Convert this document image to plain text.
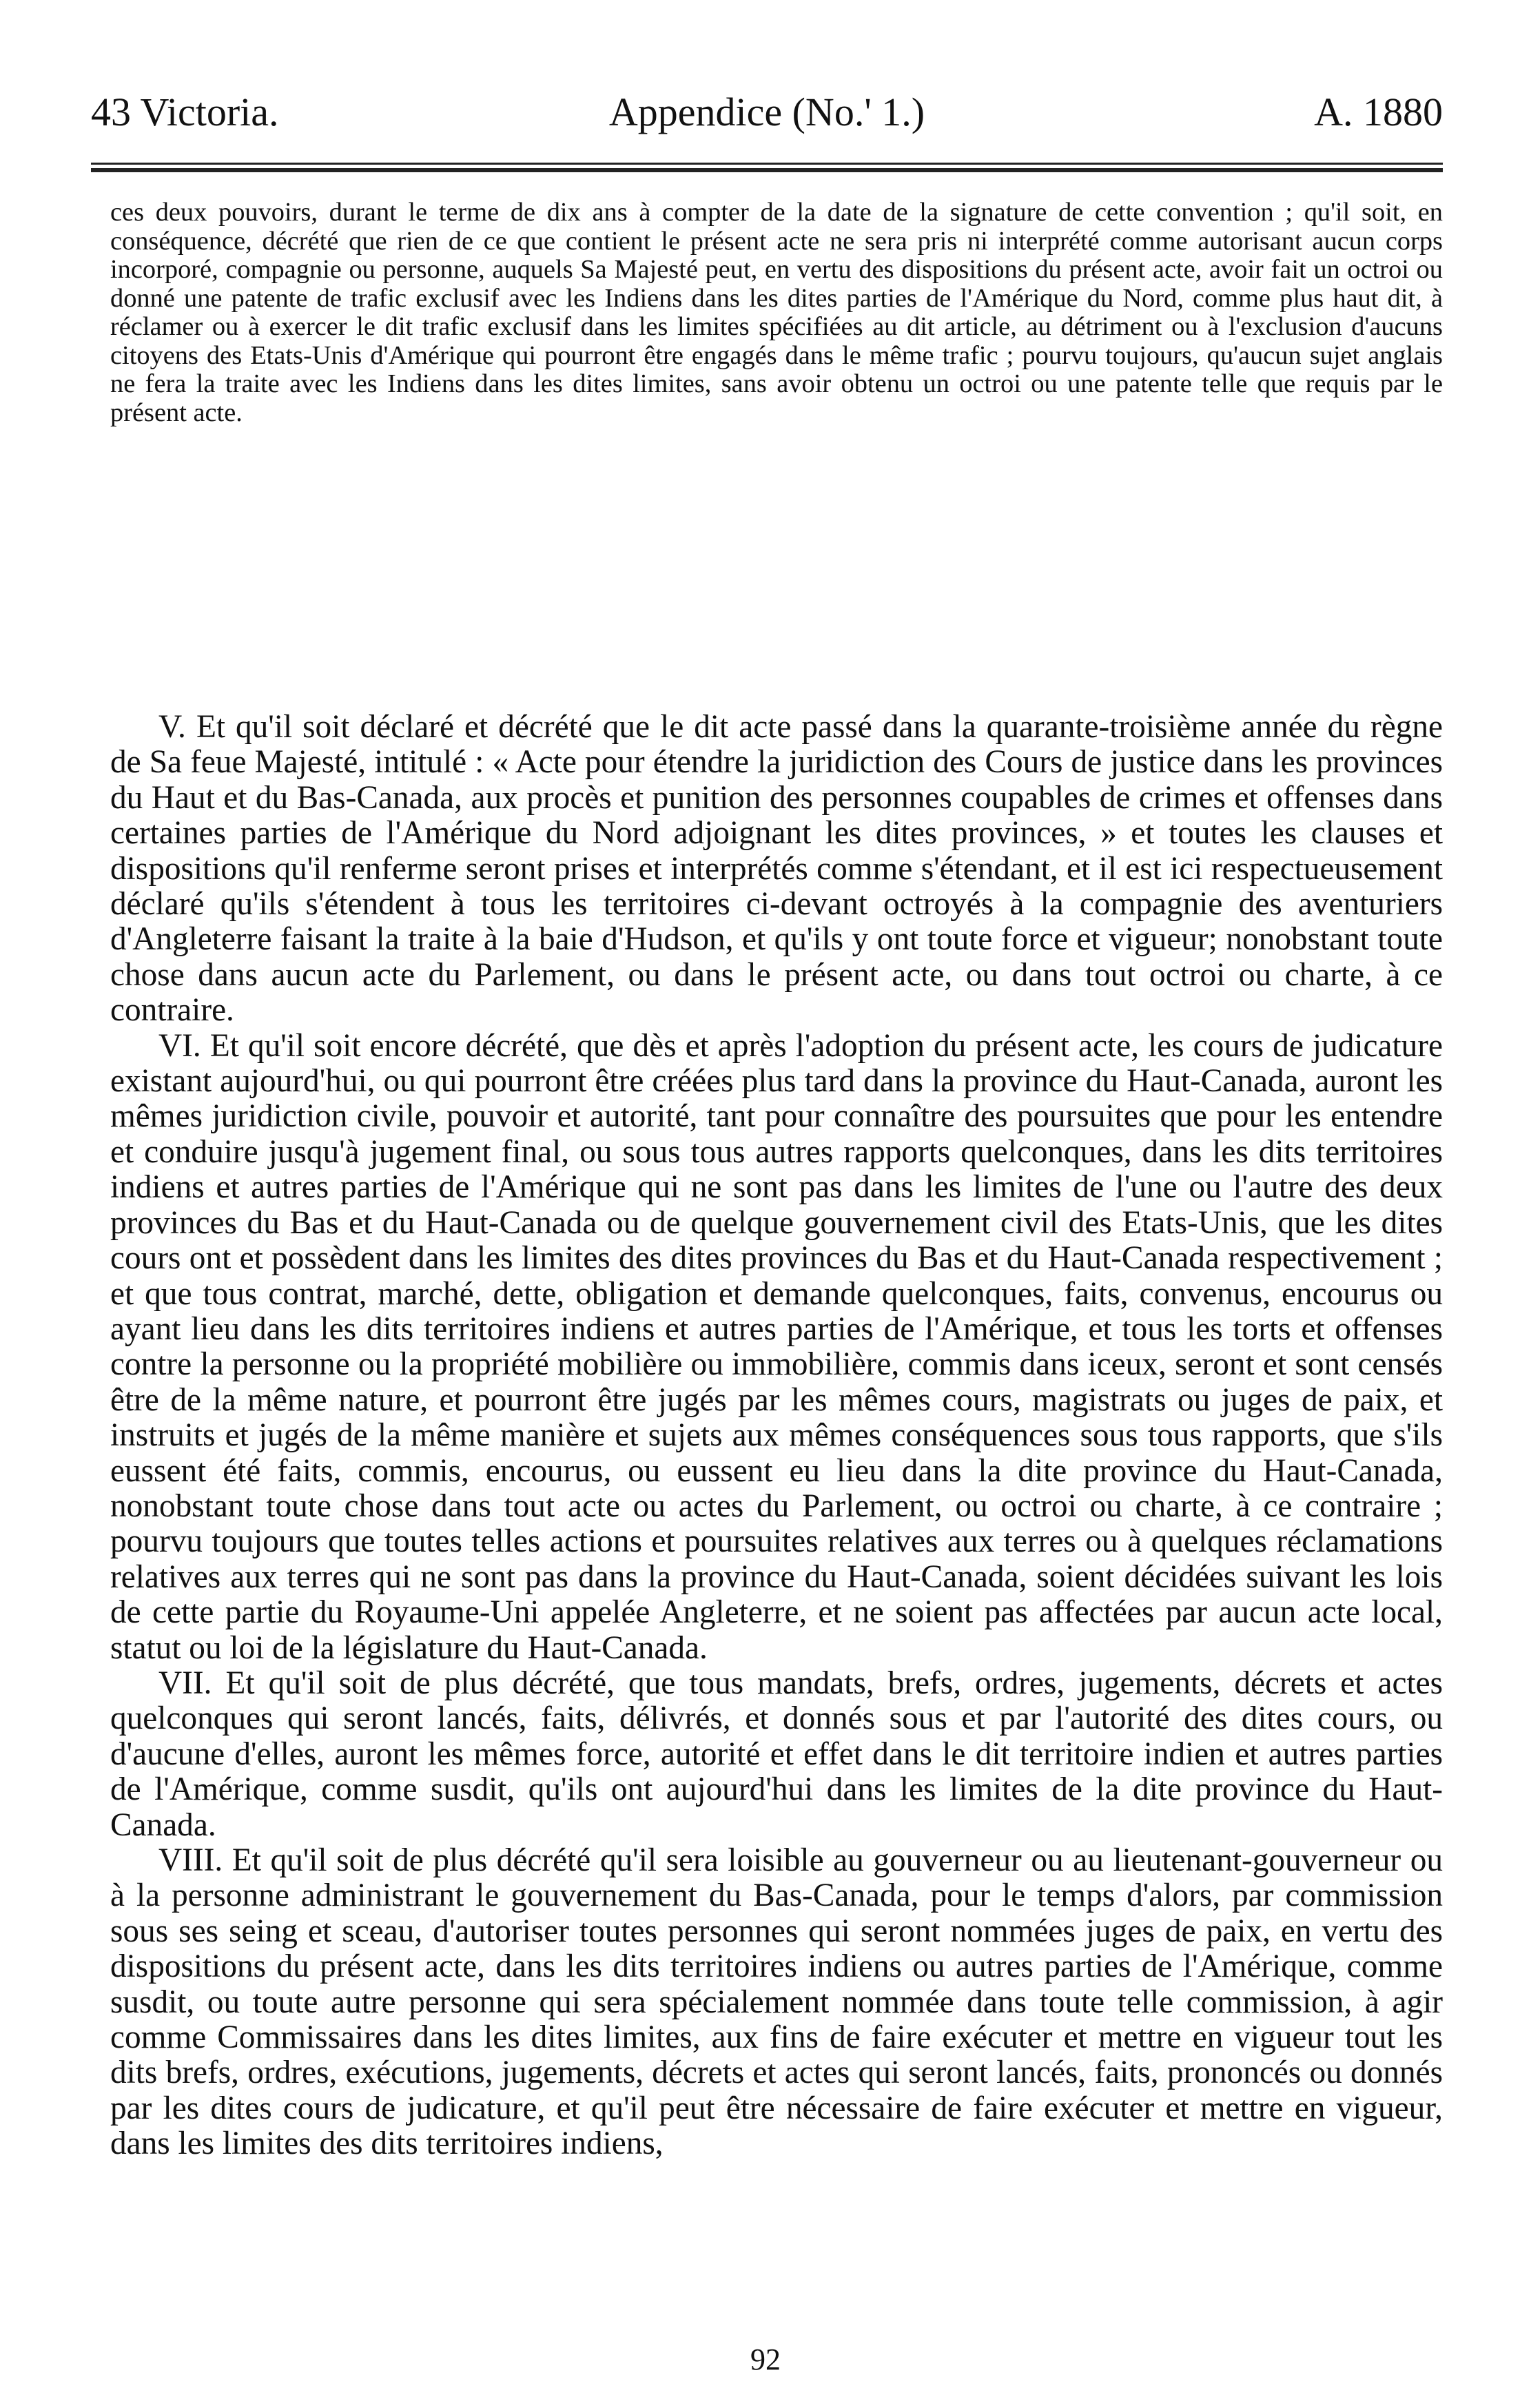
43 Victoria.	Appendice (No.' 1.)	A. 1880

ces deux pouvoirs, durant le terme de dix ans à compter de la date de la signature de cette convention ; qu'il soit, en conséquence, décrété que rien de ce que contient le présent acte ne sera pris ni interprété comme autorisant aucun corps incorporé, compagnie ou personne, auquels Sa Majesté peut, en vertu des dispositions du présent acte, avoir fait un octroi ou donné une patente de trafic exclusif avec les Indiens dans les dites parties de l'Amérique du Nord, comme plus haut dit, à réclamer ou à exercer le dit trafic exclusif dans les limites spécifiées au dit article, au détriment ou à l'exclusion d'aucuns citoyens des Etats-Unis d'Amérique qui pourront être engagés dans le même trafic ; pourvu toujours, qu'aucun sujet anglais ne fera la traite avec les Indiens dans les dites limites, sans avoir obtenu un octroi ou une patente telle que requis par le présent acte.

V. Et qu'il soit déclaré et décrété que le dit acte passé dans la quarante-troisième année du règne de Sa feue Majesté, intitulé : « Acte pour étendre la juridiction des Cours de justice dans les provinces du Haut et du Bas-Canada, aux procès et punition des personnes coupables de crimes et offenses dans certaines parties de l'Amérique du Nord adjoignant les dites provinces, » et toutes les clauses et dispositions qu'il renferme seront prises et interprétés comme s'étendant, et il est ici respectueusement déclaré qu'ils s'étendent à tous les territoires ci-devant octroyés à la compagnie des aventuriers d'Angleterre faisant la traite à la baie d'Hudson, et qu'ils y ont toute force et vigueur; nonobstant toute chose dans aucun acte du Parlement, ou dans le présent acte, ou dans tout octroi ou charte, à ce contraire.

VI. Et qu'il soit encore décrété, que dès et après l'adoption du présent acte, les cours de judicature existant aujourd'hui, ou qui pourront être créées plus tard dans la province du Haut-Canada, auront les mêmes juridiction civile, pouvoir et autorité, tant pour connaître des poursuites que pour les entendre et conduire jusqu'à jugement final, ou sous tous autres rapports quelconques, dans les dits territoires indiens et autres parties de l'Amérique qui ne sont pas dans les limites de l'une ou l'autre des deux provinces du Bas et du Haut-Canada ou de quelque gouvernement civil des Etats-Unis, que les dites cours ont et possèdent dans les limites des dites provinces du Bas et du Haut-Canada respectivement ; et que tous contrat, marché, dette, obligation et demande quelconques, faits, convenus, encourus ou ayant lieu dans les dits territoires indiens et autres parties de l'Amérique, et tous les torts et offenses contre la personne ou la propriété mobilière ou immobilière, commis dans iceux, seront et sont censés être de la même nature, et pourront être jugés par les mêmes cours, magistrats ou juges de paix, et instruits et jugés de la même manière et sujets aux mêmes conséquences sous tous rapports, que s'ils eussent été faits, commis, encourus, ou eussent eu lieu dans la dite province du Haut-Canada, nonobstant toute chose dans tout acte ou actes du Parlement, ou octroi ou charte, à ce contraire ; pourvu toujours que toutes telles actions et poursuites relatives aux terres ou à quelques réclamations relatives aux terres qui ne sont pas dans la province du Haut-Canada, soient décidées suivant les lois de cette partie du Royaume-Uni appelée Angleterre, et ne soient pas affectées par aucun acte local, statut ou loi de la législature du Haut-Canada.

VII. Et qu'il soit de plus décrété, que tous mandats, brefs, ordres, jugements, décrets et actes quelconques qui seront lancés, faits, délivrés, et donnés sous et par l'autorité des dites cours, ou d'aucune d'elles, auront les mêmes force, autorité et effet dans le dit territoire indien et autres parties de l'Amérique, comme susdit, qu'ils ont aujourd'hui dans les limites de la dite province du Haut-Canada.

VIII. Et qu'il soit de plus décrété qu'il sera loisible au gouverneur ou au lieutenant-gouverneur ou à la personne administrant le gouvernement du Bas-Canada, pour le temps d'alors, par commission sous ses seing et sceau, d'autoriser toutes personnes qui seront nommées juges de paix, en vertu des dispositions du présent acte, dans les dits territoires indiens ou autres parties de l'Amérique, comme susdit, ou toute autre personne qui sera spécialement nommée dans toute telle commission, à agir comme Commissaires dans les dites limites, aux fins de faire exécuter et mettre en vigueur tout les dits brefs, ordres, exécutions, jugements, décrets et actes qui seront lancés, faits, prononcés ou donnés par les dites cours de judicature, et qu'il peut être nécessaire de faire exécuter et mettre en vigueur, dans les limites des dits territoires indiens,

92
